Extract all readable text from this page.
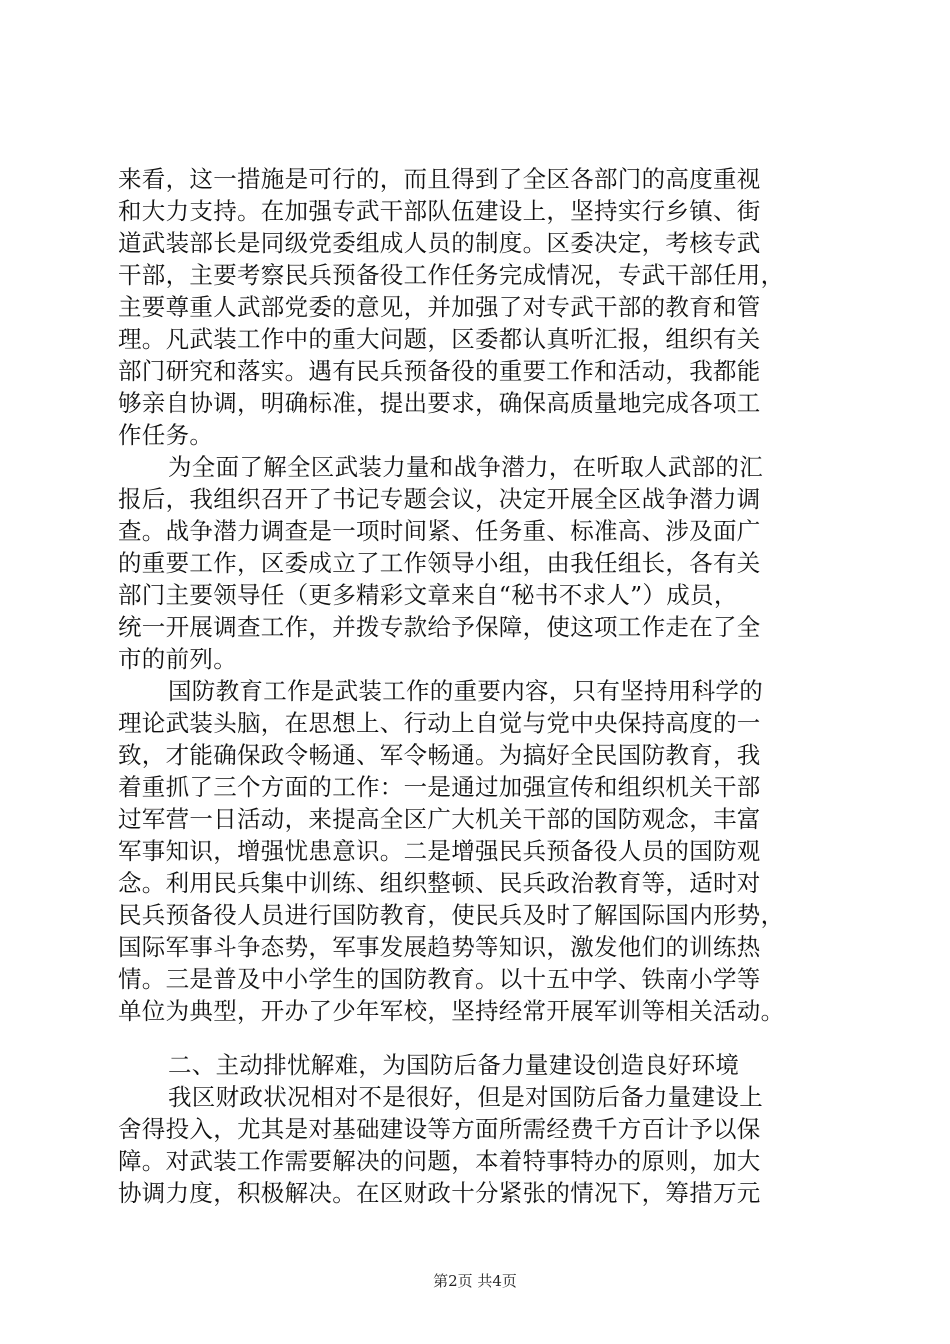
来看，这一措施是可行的，而且得到了全区各部门的高度重视
和大力支持。在加强专武干部队伍建设上，坚持实行乡镇、街
道武装部长是同级党委组成人员的制度。区委决定，考核专武
干部，主要考察民兵预备役工作任务完成情况，专武干部任用，
主要尊重人武部党委的意见，并加强了对专武干部的教育和管
理。凡武装工作中的重大问题，区委都认真听汇报，组织有关
部门研究和落实。遇有民兵预备役的重要工作和活动，我都能
够亲自协调，明确标准，提出要求，确保高质量地完成各项工
作任务。
为全面了解全区武装力量和战争潜力，在听取人武部的汇
报后，我组织召开了书记专题会议，决定开展全区战争潜力调
查。战争潜力调查是一项时间紧、任务重、标准高、涉及面广
的重要工作，区委成立了工作领导小组，由我任组长，各有关
部门主要领导任（更多精彩文章来自“秘书不求人”）成员，
统一开展调查工作，并拨专款给予保障，使这项工作走在了全
市的前列。
国防教育工作是武装工作的重要内容，只有坚持用科学的
理论武装头脑，在思想上、行动上自觉与党中央保持高度的一
致，才能确保政令畅通、军令畅通。为搞好全民国防教育，我
着重抓了三个方面的工作：一是通过加强宣传和组织机关干部
过军营一日活动，来提高全区广大机关干部的国防观念，丰富
军事知识，增强忧患意识。二是增强民兵预备役人员的国防观
念。利用民兵集中训练、组织整顿、民兵政治教育等，适时对
民兵预备役人员进行国防教育，使民兵及时了解国际国内形势，
国际军事斗争态势，军事发展趋势等知识，激发他们的训练热
情。三是普及中小学生的国防教育。以十五中学、铁南小学等
单位为典型，开办了少年军校，坚持经常开展军训等相关活动。
二、主动排忧解难，为国防后备力量建设创造良好环境
我区财政状况相对不是很好，但是对国防后备力量建设上
舍得投入，尤其是对基础建设等方面所需经费千方百计予以保
障。对武装工作需要解决的问题，本着特事特办的原则，加大
协调力度，积极解决。在区财政十分紧张的情况下，筹措万元
第2页 共4页
